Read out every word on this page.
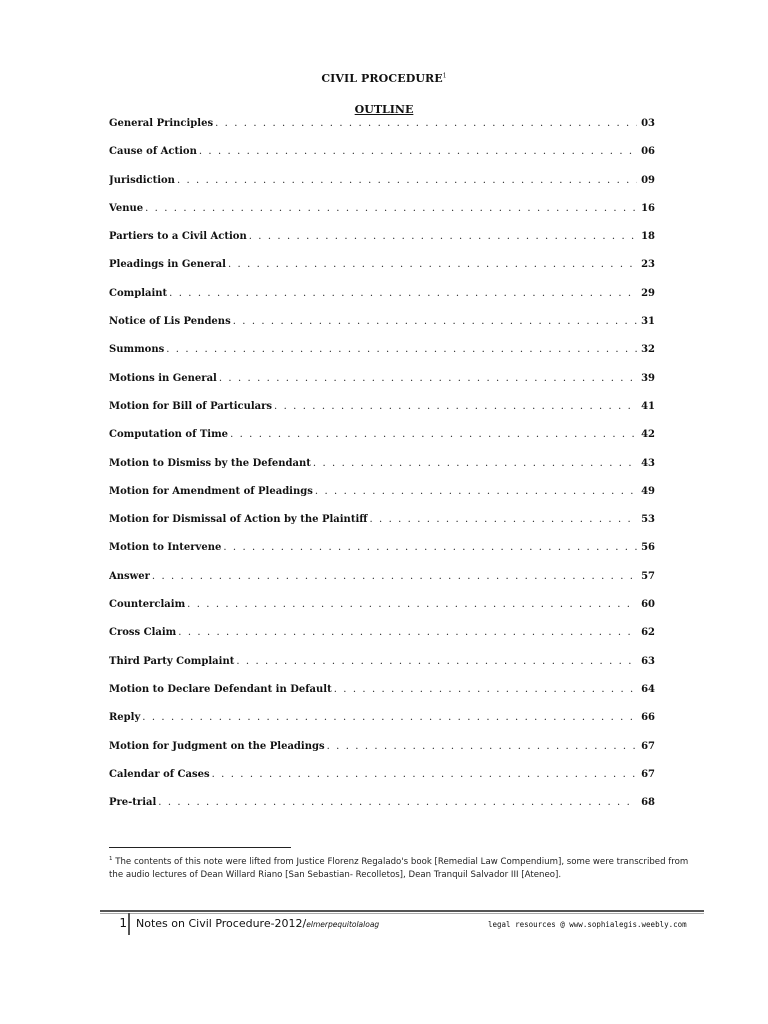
CIVIL PROCEDURE$^1$
OUTLINE
General Principles . . .	03
Cause of Action . . .	06
Jurisdiction . . .	09
Venue . . .	16
Partiers to a Civil Action . . .	18
Pleadings in General . . .	23
Complaint . . .	29
Notice of Lis Pendens . . .	31
Summons . . .	32
Motions in General . . .	39
Motion for Bill of Particulars . . .	41
Computation of Time . . .	42
Motion to Dismiss by the Defendant . . .	43
Motion for Amendment of Pleadings . . .	49
Motion for Dismissal of Action by the Plaintiff . . .	53
Motion to Intervene . . .	56
Answer . . .	57
Counterclaim . . .	60
Cross Claim . . .	62
Third Party Complaint . . .	63
Motion to Declare Defendant in Default . . .	64
Reply . . .	66
Motion for Judgment on the Pleadings . . .	67
Calendar of Cases . . .	67
Pre-trial . . .	68
$^1$ The contents of this note were lifted from Justice Florenz Regalado's book [Remedial Law Compendium], some were transcribed from the audio lectures of Dean Willard Riano [San Sebastian- Recolletos], Dean Tranquil Salvador III [Ateneo].
1 Notes on Civil Procedure-2012/elmerpequitolaloag	legal resources @ www.sophialegis.weebly.com
